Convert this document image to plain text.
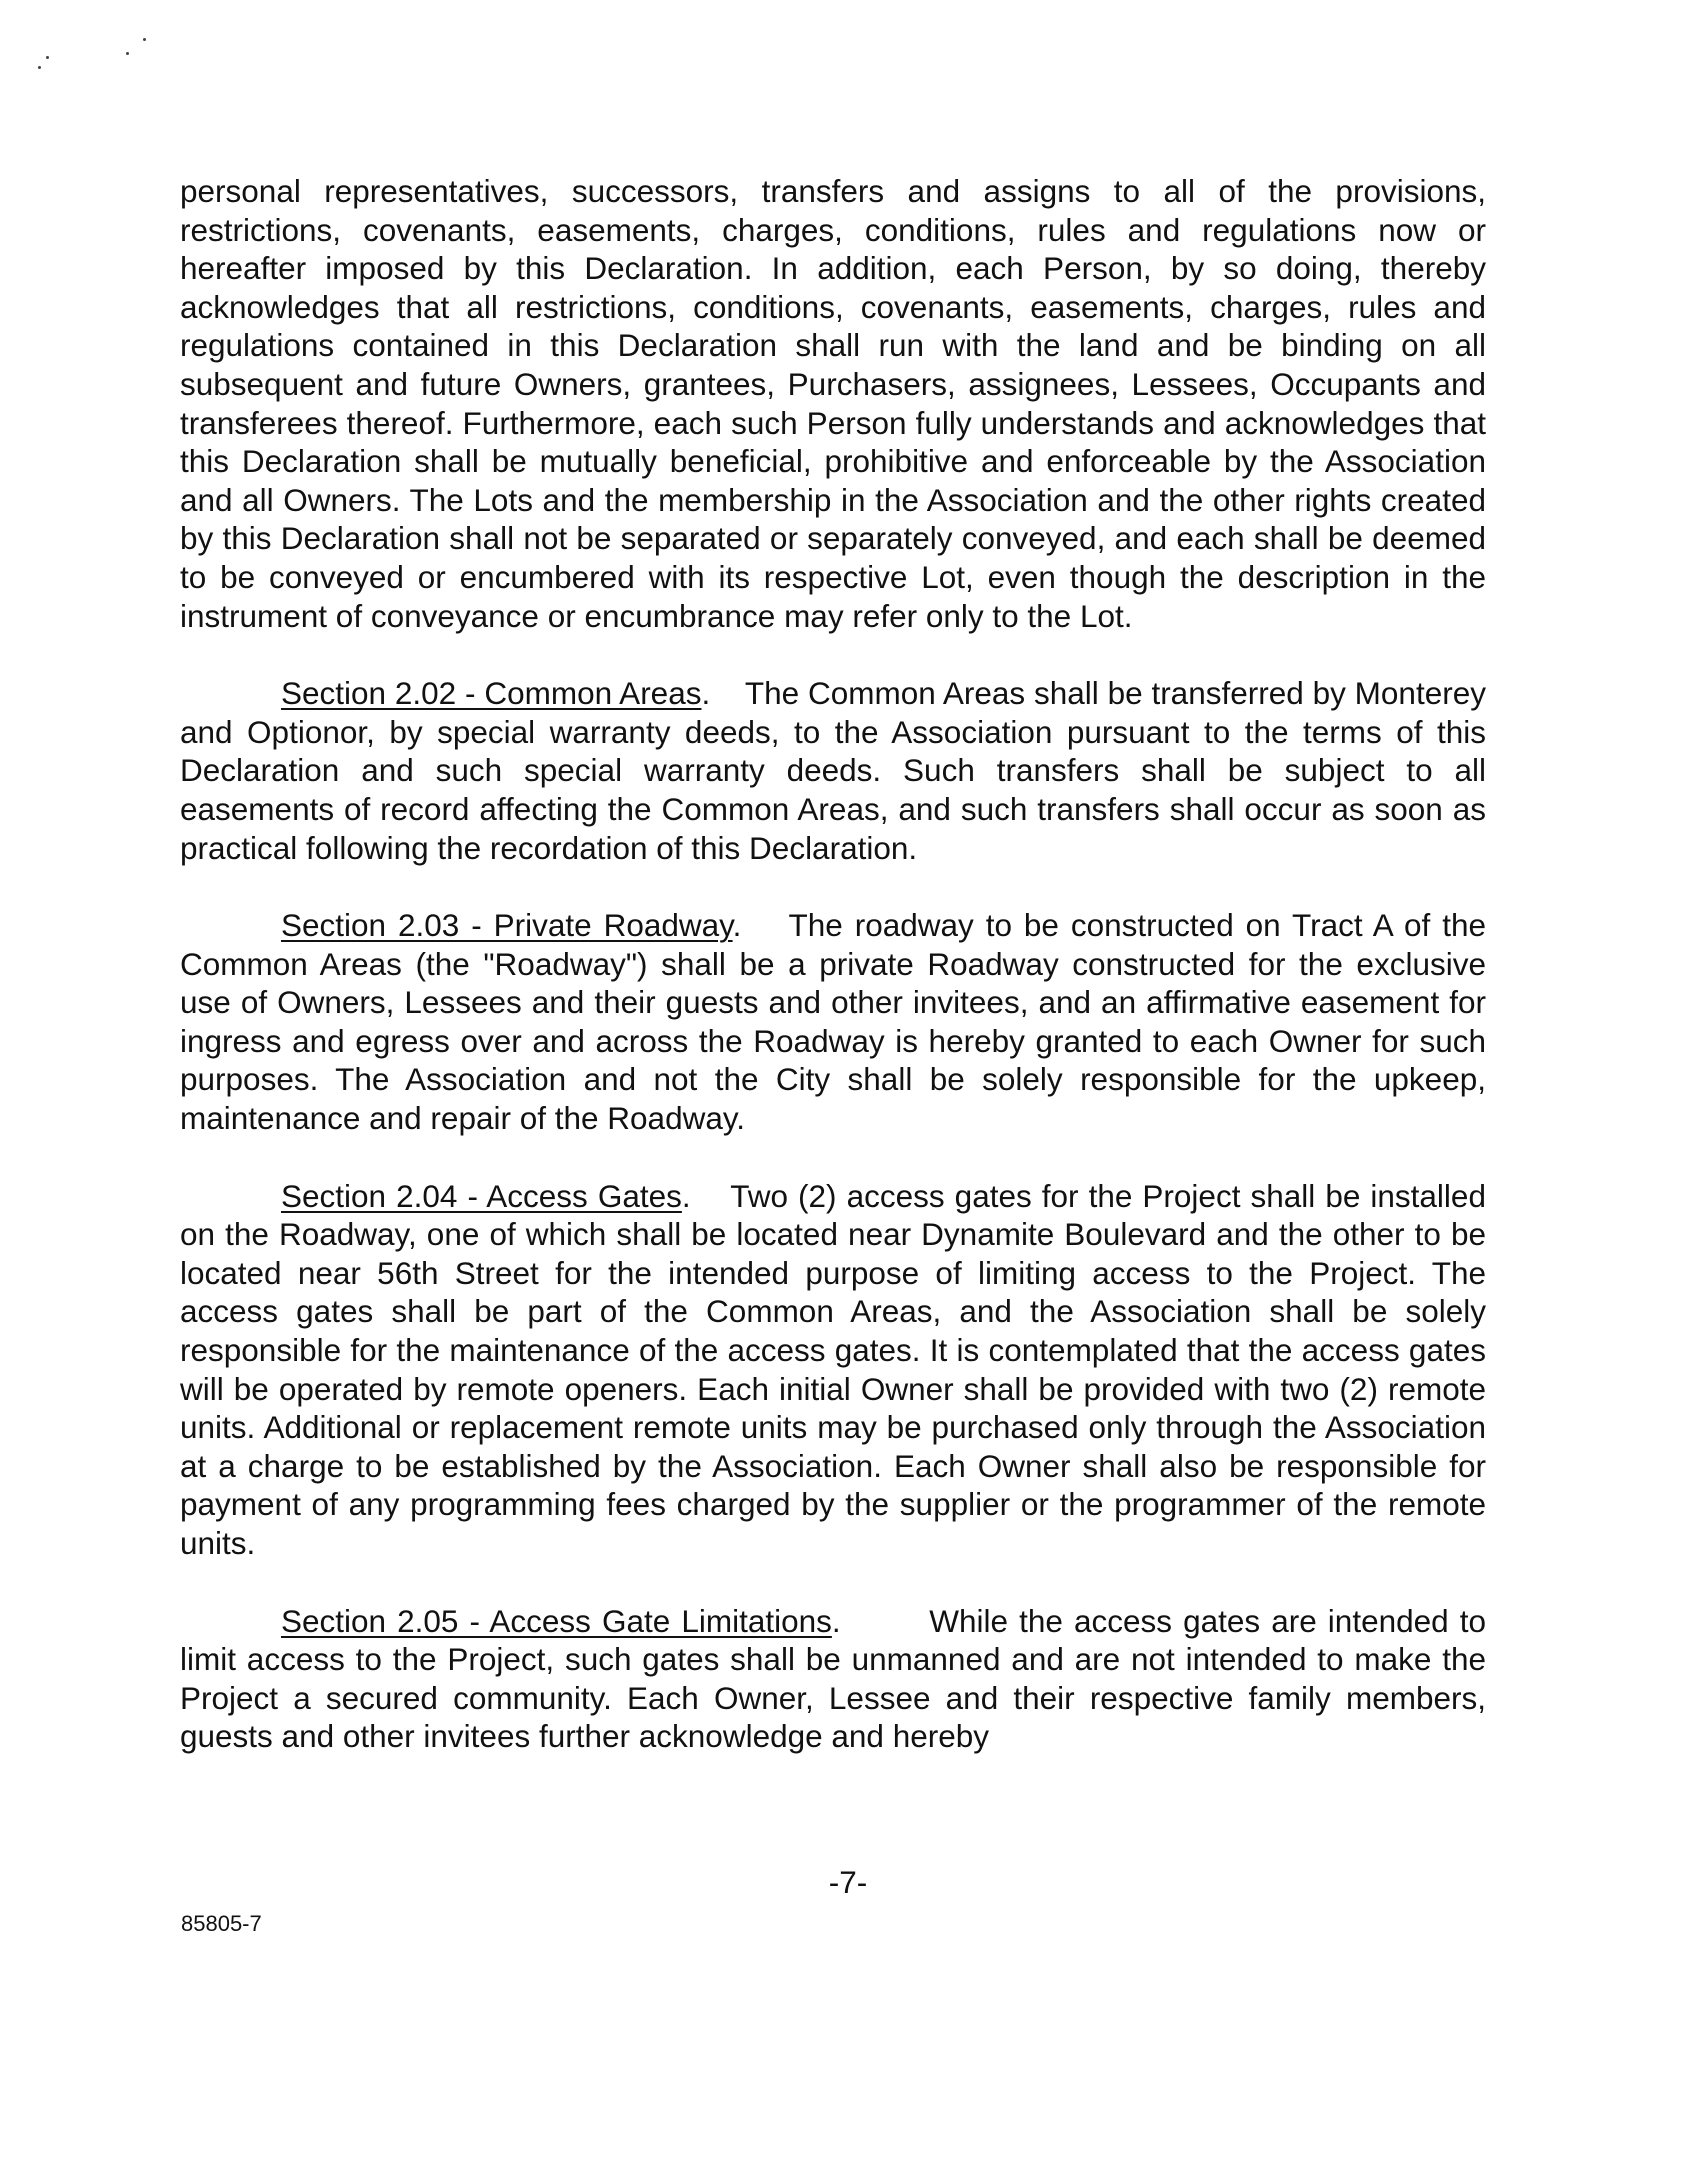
personal representatives, successors, transfers and assigns to all of the provisions, restrictions, covenants, easements, charges, conditions, rules and regulations now or hereafter imposed by this Declaration. In addition, each Person, by so doing, thereby acknowledges that all restrictions, conditions, covenants, easements, charges, rules and regulations contained in this Declaration shall run with the land and be binding on all subsequent and future Owners, grantees, Purchasers, assignees, Lessees, Occupants and transferees thereof. Furthermore, each such Person fully understands and acknowledges that this Declaration shall be mutually beneficial, prohibitive and enforceable by the Association and all Owners. The Lots and the membership in the Association and the other rights created by this Declaration shall not be separated or separately conveyed, and each shall be deemed to be conveyed or encumbered with its respective Lot, even though the description in the instrument of conveyance or encumbrance may refer only to the Lot.

Section 2.02 - Common Areas.    The Common Areas shall be transferred by Monterey and Optionor, by special warranty deeds, to the Association pursuant to the terms of this Declaration and such special warranty deeds. Such transfers shall be subject to all easements of record affecting the Common Areas, and such transfers shall occur as soon as practical following the recordation of this Declaration.

Section 2.03 - Private Roadway.    The roadway to be constructed on Tract A of the Common Areas (the "Roadway") shall be a private Roadway constructed for the exclusive use of Owners, Lessees and their guests and other invitees, and an affirmative easement for ingress and egress over and across the Roadway is hereby granted to each Owner for such purposes. The Association and not the City shall be solely responsible for the upkeep, maintenance and repair of the Roadway.

Section 2.04 - Access Gates.    Two (2) access gates for the Project shall be installed on the Roadway, one of which shall be located near Dynamite Boulevard and the other to be located near 56th Street for the intended purpose of limiting access to the Project. The access gates shall be part of the Common Areas, and the Association shall be solely responsible for the maintenance of the access gates. It is contemplated that the access gates will be operated by remote openers. Each initial Owner shall be provided with two (2) remote units. Additional or replacement remote units may be purchased only through the Association at a charge to be established by the Association. Each Owner shall also be responsible for payment of any programming fees charged by the supplier or the programmer of the remote units.

Section 2.05 - Access Gate Limitations.        While the access gates are intended to limit access to the Project, such gates shall be unmanned and are not intended to make the Project a secured community. Each Owner, Lessee and their respective family members, guests and other invitees further acknowledge and hereby

-7-
85805-7
